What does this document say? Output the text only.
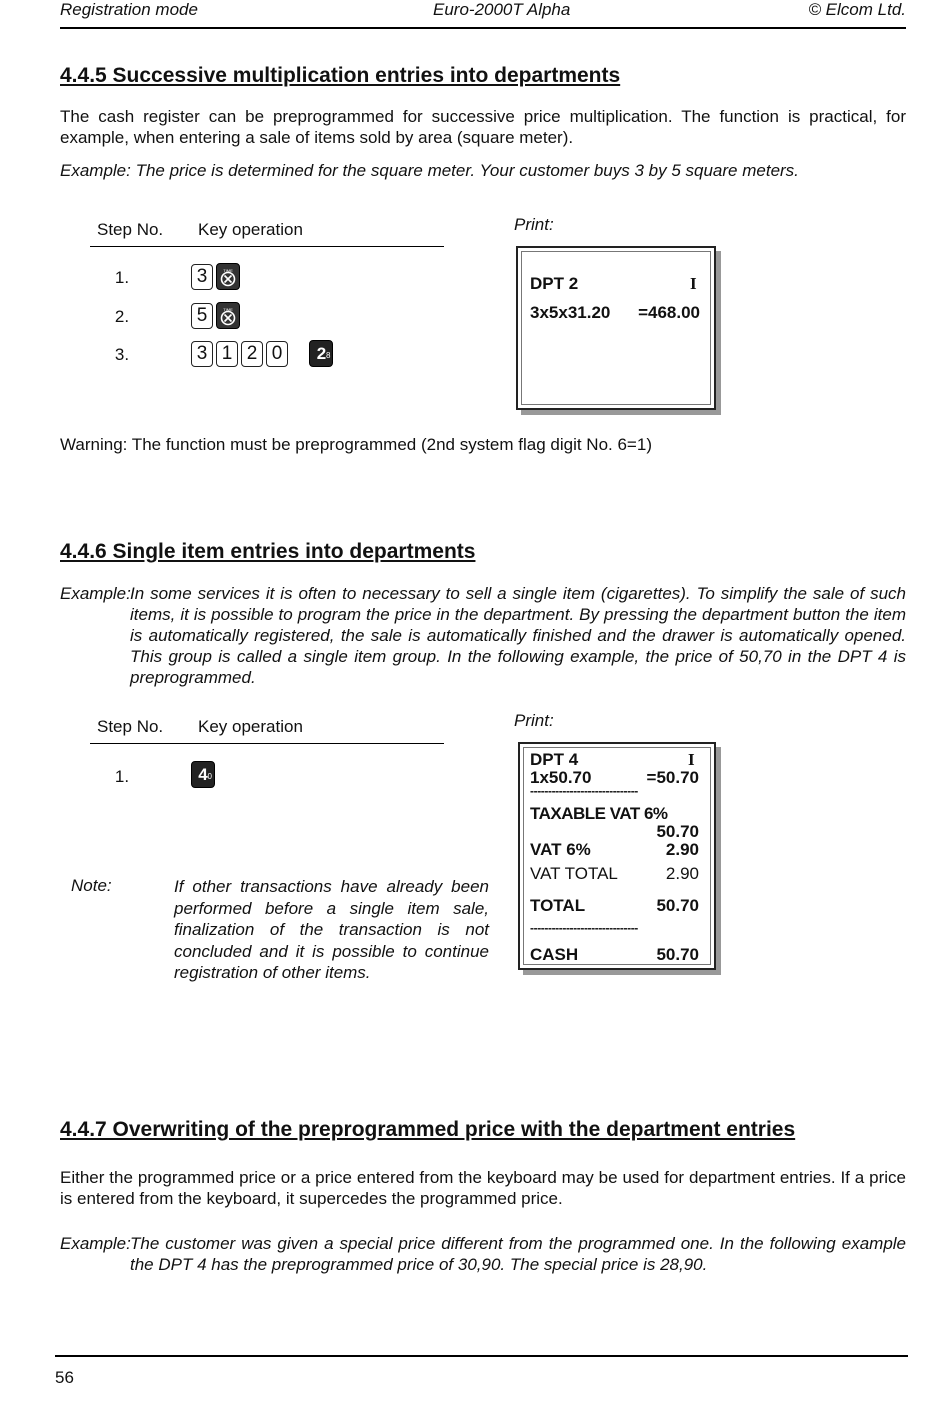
Registration mode	Euro-2000T Alpha	© Elcom Ltd.
4.4.5 Successive multiplication entries into departments
The cash register can be preprogrammed for successive price multiplication. The function is practical, for example, when entering a sale of items sold by area (square meter).
Example: The price is determined for the square meter. Your customer buys 3 by 5 square meters.
Step No. Key operation	Print:
1.	3	TIME
2.	5	TIME
3.	3 1 2 0 2 8
DPT 2	I
3x5x31.20 =468.00
Warning: The function must be preprogrammed (2nd system flag digit No. 6=1)
4.4.6 Single item entries into departments
Example: In some services it is often to necessary to sell a single item (cigarettes). To simplify the sale of such items, it is possible to program the price in the department. By pressing the department button the item is automatically registered, the sale is automatically finished and the drawer is automatically opened. This group is called a single item group. In the following example, the price of 50,70 in the DPT 4 is preprogrammed.
Step No. Key operation	Print:
1.	4 0
Note:	If other transactions have already been performed before a single item sale, finalization of the transaction is not concluded and it is possible to continue registration of other items.
DPT 4	I
1x50.70	=50.70
------------------------------
TAXABLE VAT 6%
50.70
VAT 6%	2.90
VAT TOTAL	2.90
TOTAL	50.70
------------------------------
CASH	50.70
4.4.7 Overwriting of the preprogrammed price with the department entries
Either the programmed price or a price entered from the keyboard may be used for department entries. If a price is entered from the keyboard, it supercedes the programmed price.
Example: The customer was given a special price different from the programmed one. In the following example the DPT 4 has the preprogrammed price of 30,90. The special price is 28,90.
56
